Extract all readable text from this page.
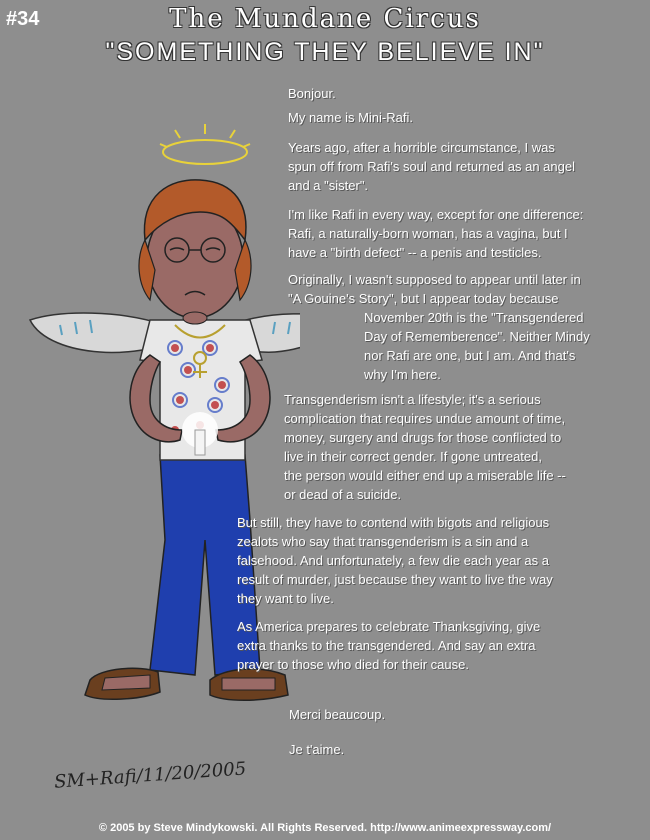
#34	The Mundane Circus
"SOMETHING THEY BELIEVE IN"
Bonjour.
My name is Mini-Rafi.
Years ago, after a horrible circumstance, I was
spun off from Rafi's soul and returned as an angel
and a "sister".
I'm like Rafi in every way, except for one difference:
Rafi, a naturally-born woman, has a vagina, but I
have a "birth defect" -- a penis and testicles.
Originally, I wasn't supposed to appear until later in
"A Gouine's Story", but I appear today because
November 20th is the "Transgendered
Day of Rememberence". Neither Mindy
nor Rafi are one, but I am. And that's
why I'm here.
Transgenderism isn't a lifestyle; it's a serious
complication that requires undue amount of time,
money, surgery and drugs for those conflicted to
live in their correct gender. If gone untreated,
the person would either end up a miserable life --
or dead of a suicide.
But still, they have to contend with bigots and religious
zealots who say that transgenderism is a sin and a
falsehood. And unfortunately, a few die each year as a
result of murder, just because they want to live the way
they want to live.
As America prepares to celebrate Thanksgiving, give
extra thanks to the transgendered. And say an extra
prayer to those who died for their cause.
Merci beaucoup.
Je t'aime.
SM+Rafi/11/20/2005
© 2005 by Steve Mindykowski. All Rights Reserved. http://www.animeexpressway.com/
